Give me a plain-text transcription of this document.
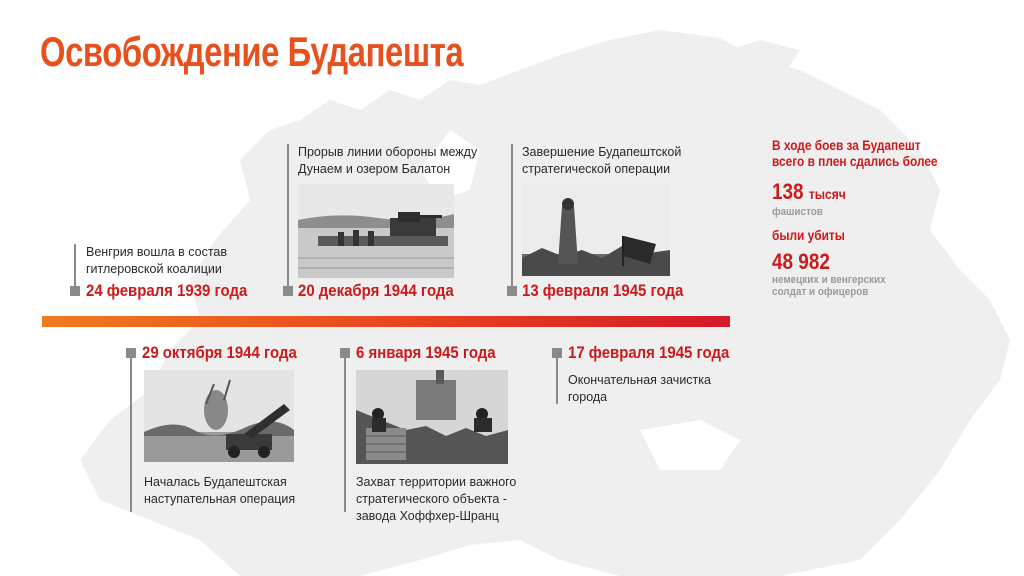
Освобождение Будапешта
Венгрия вошла в состав
гитлеровской коалиции
24 февраля 1939 года
Прорыв линии обороны между
Дунаем и озером Балатон
20 декабря 1944 года
Завершение Будапештской
стратегической операции
13 февраля 1945 года
29 октября 1944 года
Началась Будапештская
наступательная операция
6 января 1945 года
Захват территории важного
стратегического объекта -
завода Хоффхер-Шранц
17 февраля 1945 года
Окончательная зачистка
города
В ходе боев за Будапешт
всего в плен сдались более
138 тысяч
фашистов
были убиты
48 982
немецких и венгерских
солдат и офицеров
